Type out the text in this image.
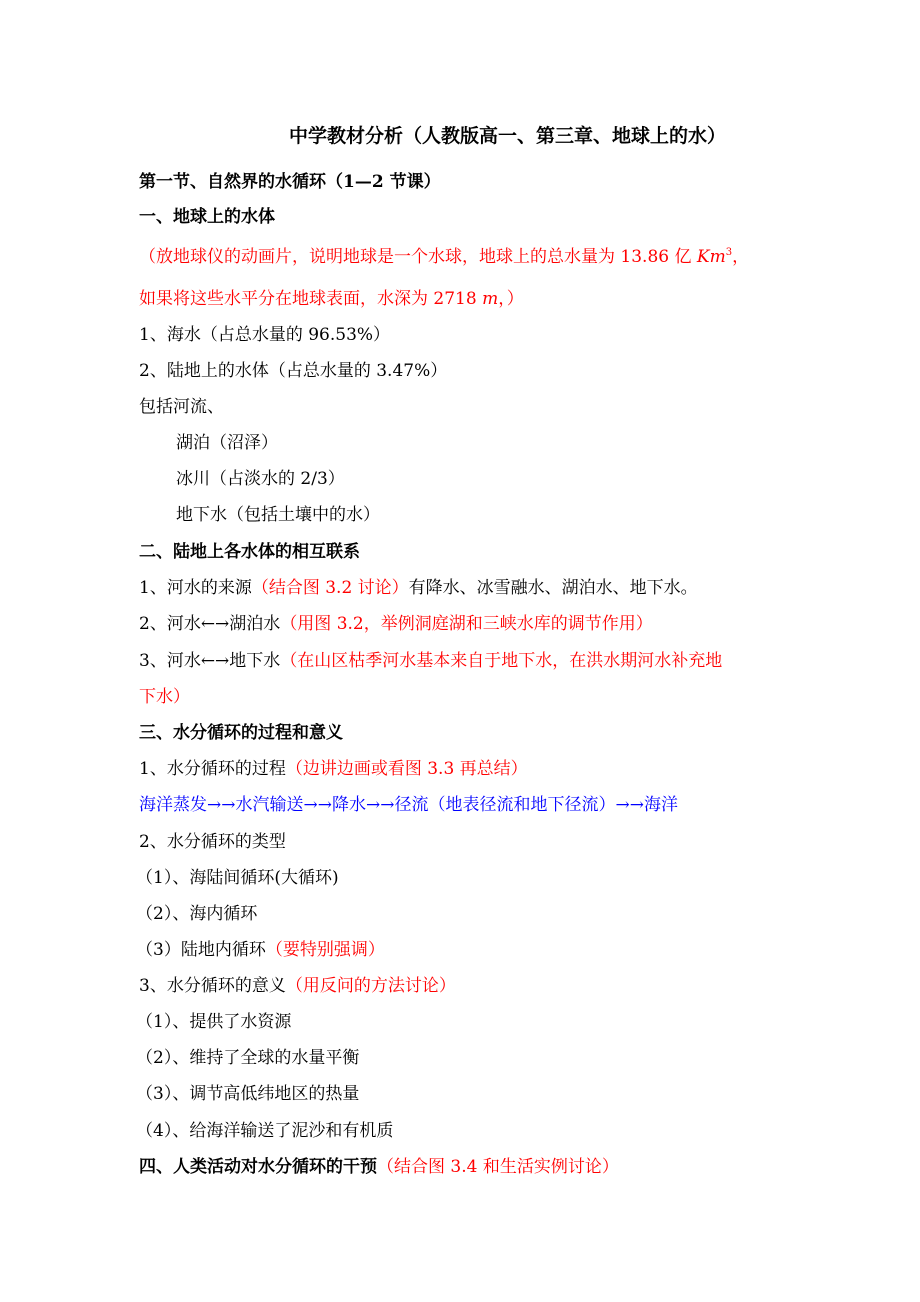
中学教材分析（人教版高一、第三章、地球上的水）
第一节、自然界的水循环（1—2 节课）
一、地球上的水体
（放地球仪的动画片，说明地球是一个水球，地球上的总水量为 13.86 亿 Km$^3$，
如果将这些水平分在地球表面，水深为 2718 m，）
1、海水（占总水量的 96.53%）
2、陆地上的水体（占总水量的 3.47%）
包括河流、
湖泊（沼泽）
冰川（占淡水的 2/3）
地下水（包括土壤中的水）
二、陆地上各水体的相互联系
1、河水的来源（结合图 3.2 讨论）有降水、冰雪融水、湖泊水、地下水。
2、河水←→湖泊水（用图 3.2，举例洞庭湖和三峡水库的调节作用）
3、河水←→地下水（在山区枯季河水基本来自于地下水，在洪水期河水补充地
下水）
三、水分循环的过程和意义
1、水分循环的过程（边讲边画或看图 3.3 再总结）
海洋蒸发→→水汽输送→→降水→→径流（地表径流和地下径流）→→海洋
2、水分循环的类型
（1）、海陆间循环(大循环)
（2）、海内循环
（3）陆地内循环（要特别强调）
3、水分循环的意义（用反问的方法讨论）
（1）、提供了水资源
（2）、维持了全球的水量平衡
（3）、调节高低纬地区的热量
（4）、给海洋输送了泥沙和有机质
四、人类活动对水分循环的干预（结合图 3.4 和生活实例讨论）
